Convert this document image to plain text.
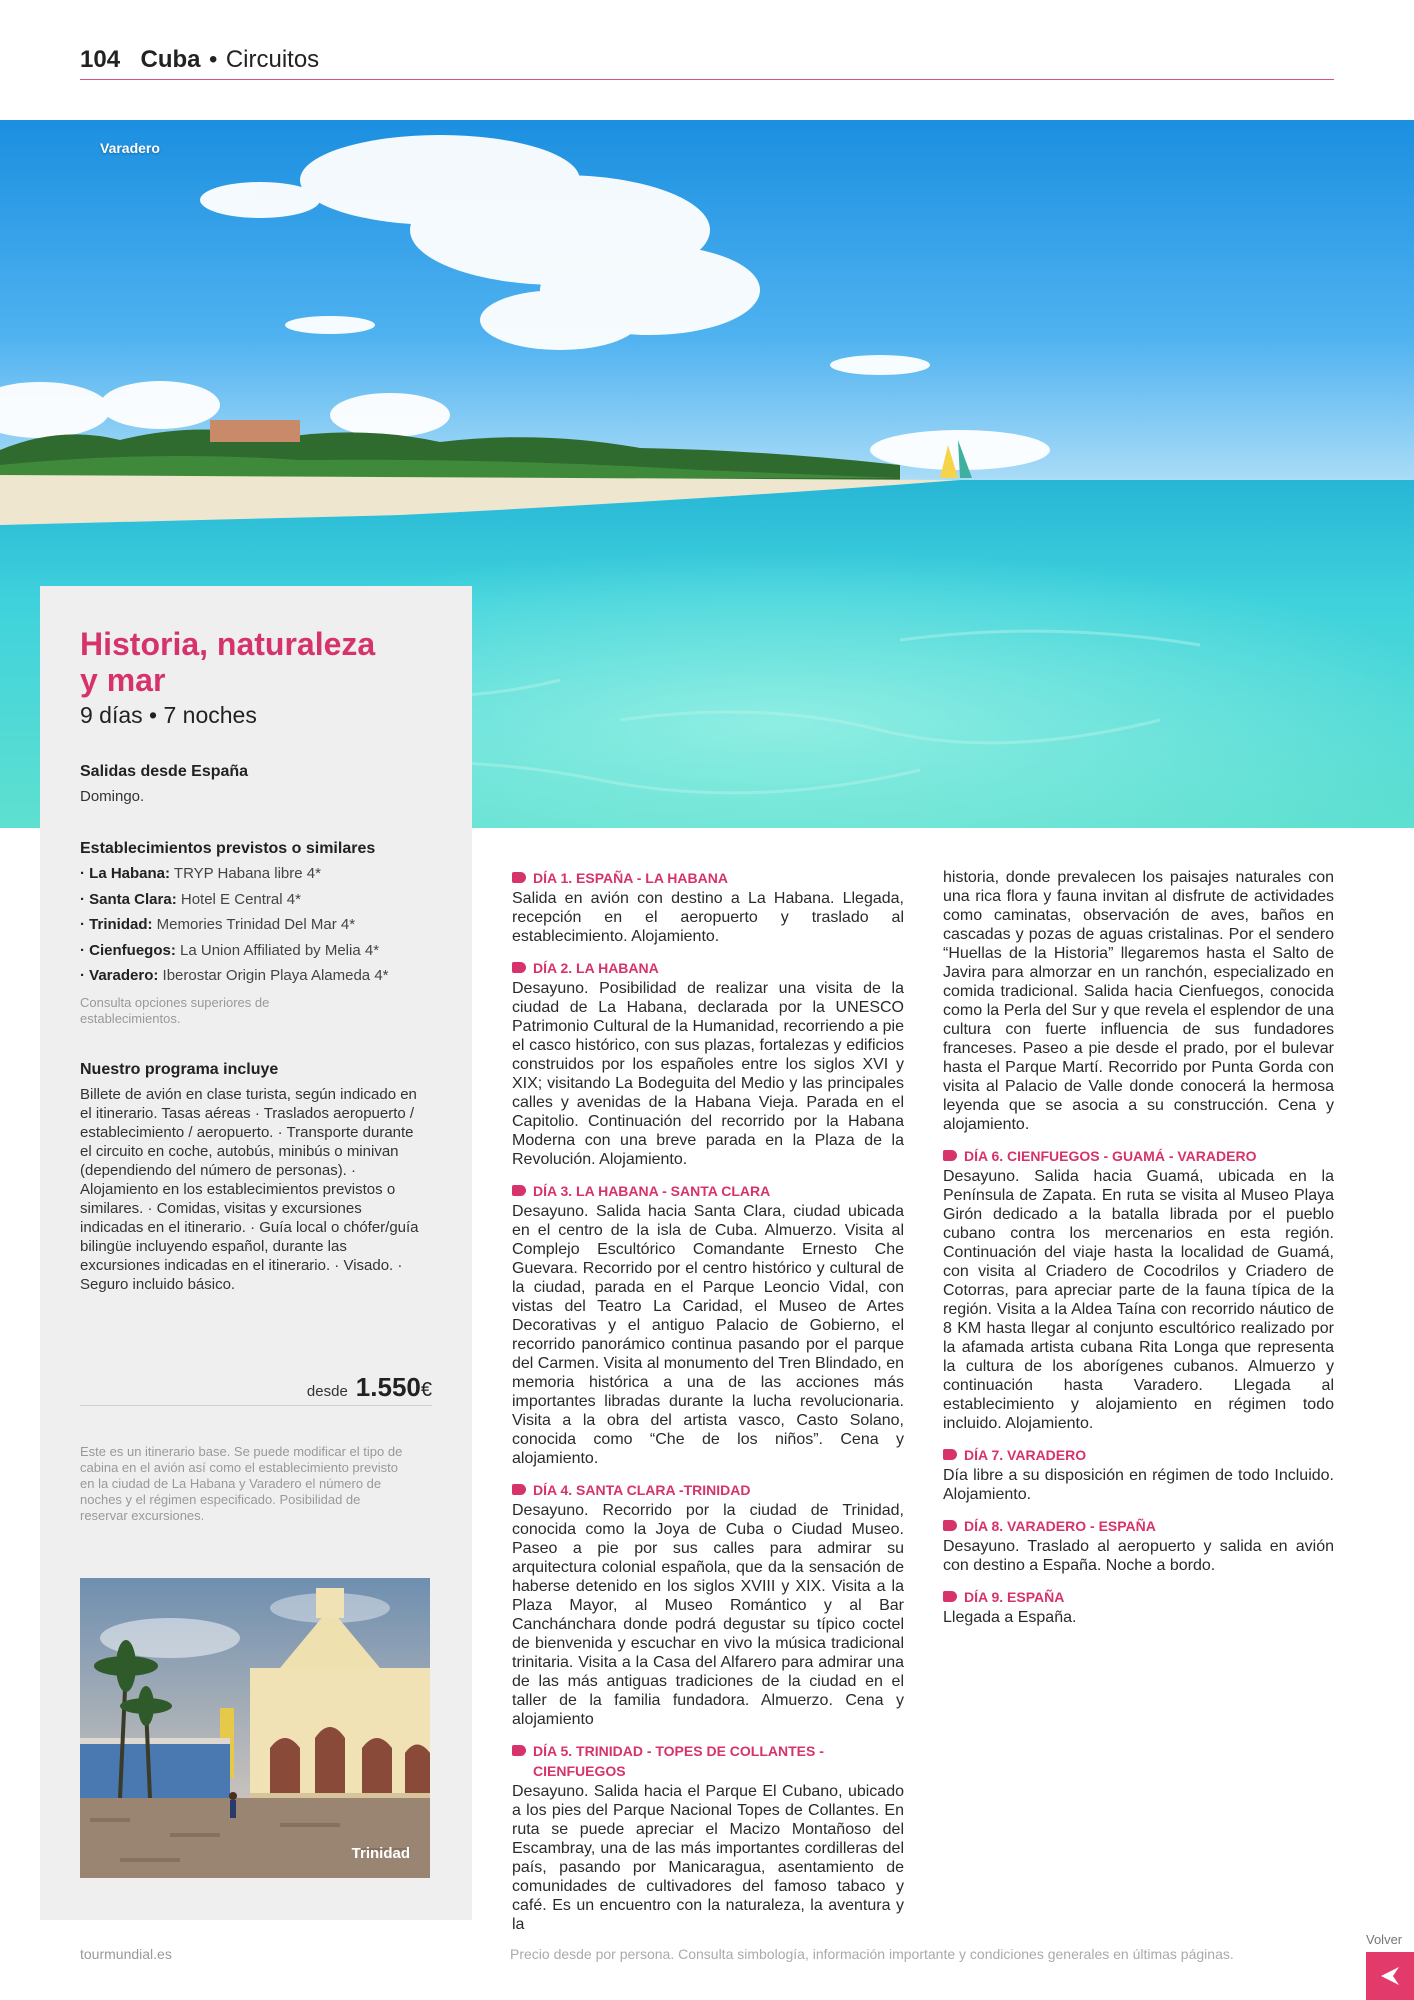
104 Cuba • Circuitos
Varadero
Historia, naturaleza
y mar
9 días • 7 noches
Salidas desde España
Domingo.
Establecimientos previstos o similares
· La Habana: TRYP Habana libre 4*
· Santa Clara: Hotel E Central 4*
· Trinidad: Memories Trinidad Del Mar 4*
· Cienfuegos: La Union Affiliated by Melia 4*
· Varadero: Iberostar Origin Playa Alameda 4*
Consulta opciones superiores de establecimientos.
Nuestro programa incluye
Billete de avión en clase turista, según indicado en el itinerario. Tasas aéreas · Traslados aeropuerto / establecimiento / aeropuerto. · Transporte durante el circuito en coche, autobús, minibús o minivan (dependiendo del número de personas). · Alojamiento en los establecimientos previstos o similares. · Comidas, visitas y excursiones indicadas en el itinerario. · Guía local o chófer/guía bilingüe incluyendo español, durante las excursiones indicadas en el itinerario. · Visado. · Seguro incluido básico.
desde 1.550€
Este es un itinerario base. Se puede modificar el tipo de cabina en el avión así como el establecimiento previsto en la ciudad de La Habana y Varadero el número de noches y el régimen especificado. Posibilidad de reservar excursiones.
Trinidad
DÍA 1. ESPAÑA - LA HABANA
Salida en avión con destino a La Habana. Llegada, recepción en el aeropuerto y traslado al establecimiento. Alojamiento.
DÍA 2. LA HABANA
Desayuno. Posibilidad de realizar una visita de la ciudad de La Habana, declarada por la UNESCO Patrimonio Cultural de la Humanidad, recorriendo a pie el casco histórico, con sus plazas, fortalezas y edificios construidos por los españoles entre los siglos XVI y XIX; visitando La Bodeguita del Medio y las principales calles y avenidas de la Habana Vieja. Parada en el Capitolio. Continuación del recorrido por la Habana Moderna con una breve parada en la Plaza de la Revolución. Alojamiento.
DÍA 3. LA HABANA - SANTA CLARA
Desayuno. Salida hacia Santa Clara, ciudad ubicada en el centro de la isla de Cuba. Almuerzo. Visita al Complejo Escultórico Comandante Ernesto Che Guevara. Recorrido por el centro histórico y cultural de la ciudad, parada en el Parque Leoncio Vidal, con vistas del Teatro La Caridad, el Museo de Artes Decorativas y el antiguo Palacio de Gobierno, el recorrido panorámico continua pasando por el parque del Carmen. Visita al monumento del Tren Blindado, en memoria histórica a una de las acciones más importantes libradas durante la lucha revolucionaria. Visita a la obra del artista vasco, Casto Solano, conocida como “Che de los niños”. Cena y alojamiento.
DÍA 4. SANTA CLARA -TRINIDAD
Desayuno. Recorrido por la ciudad de Trinidad, conocida como la Joya de Cuba o Ciudad Museo. Paseo a pie por sus calles para admirar su arquitectura colonial española, que da la sensación de haberse detenido en los siglos XVIII y XIX. Visita a la Plaza Mayor, al Museo Romántico y al Bar Canchánchara donde podrá degustar su típico coctel de bienvenida y escuchar en vivo la música tradicional trinitaria. Visita a la Casa del Alfarero para admirar una de las más antiguas tradiciones de la ciudad en el taller de la familia fundadora. Almuerzo. Cena y alojamiento
DÍA 5. TRINIDAD - TOPES DE COLLANTES - CIENFUEGOS
Desayuno. Salida hacia el Parque El Cubano, ubicado a los pies del Parque Nacional Topes de Collantes. En ruta se puede apreciar el Macizo Montañoso del Escambray, una de las más importantes cordilleras del país, pasando por Manicaragua, asentamiento de comunidades de cultivadores del famoso tabaco y café. Es un encuentro con la naturaleza, la aventura y la
historia, donde prevalecen los paisajes naturales con una rica flora y fauna invitan al disfrute de actividades como caminatas, observación de aves, baños en cascadas y pozas de aguas cristalinas. Por el sendero “Huellas de la Historia” llegaremos hasta el Salto de Javira para almorzar en un ranchón, especializado en comida tradicional. Salida hacia Cienfuegos, conocida como la Perla del Sur y que revela el esplendor de una cultura con fuerte influencia de sus fundadores franceses. Paseo a pie desde el prado, por el bulevar hasta el Parque Martí. Recorrido por Punta Gorda con visita al Palacio de Valle donde conocerá la hermosa leyenda que se asocia a su construcción. Cena y alojamiento.
DÍA 6. CIENFUEGOS - GUAMÁ - VARADERO
Desayuno. Salida hacia Guamá, ubicada en la Península de Zapata. En ruta se visita al Museo Playa Girón dedicado a la batalla librada por el pueblo cubano contra los mercenarios en esta región. Continuación del viaje hasta la localidad de Guamá, con visita al Criadero de Cocodrilos y Criadero de Cotorras, para apreciar parte de la fauna típica de la región. Visita a la Aldea Taína con recorrido náutico de 8 KM hasta llegar al conjunto escultórico realizado por la afamada artista cubana Rita Longa que representa la cultura de los aborígenes cubanos. Almuerzo y continuación hasta Varadero. Llegada al establecimiento y alojamiento en régimen todo incluido. Alojamiento.
DÍA 7. VARADERO
Día libre a su disposición en régimen de todo Incluido. Alojamiento.
DÍA 8. VARADERO - ESPAÑA
Desayuno. Traslado al aeropuerto y salida en avión con destino a España. Noche a bordo.
DÍA 9. ESPAÑA
Llegada a España.
tourmundial.es	Precio desde por persona. Consulta simbología, información importante y condiciones generales en últimas páginas.
Volver
